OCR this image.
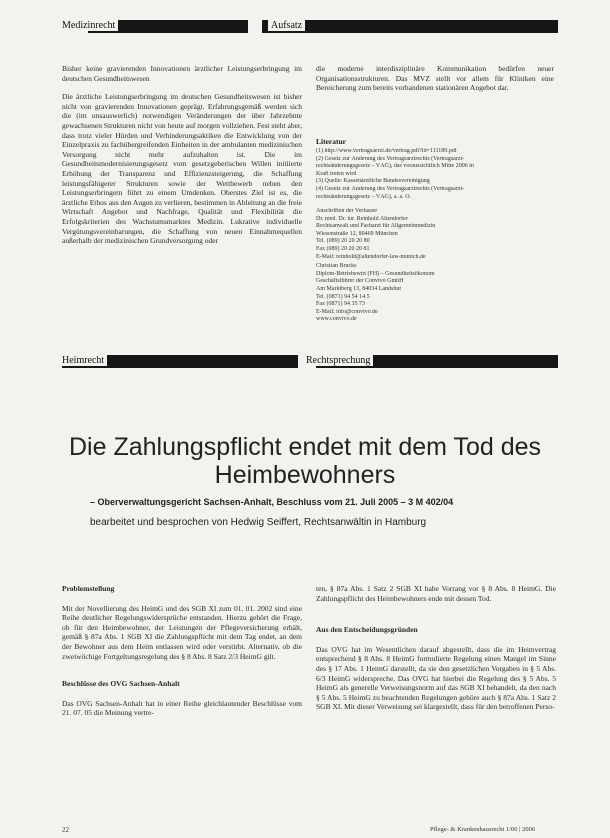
Medizinrecht	Aufsatz

Bisher keine gravierenden Innovationen ärztlicher Leistungserbringung im deutschen Gesundheitswesen

Die ärztliche Leistungserbringung im deutschen Gesundheitswesen ist bisher nicht von gravierenden Innovationen geprägt. Erfahrungsgemäß werden sich die (im unsauswerlich) notwendigen Veränderungen der über Jahrzehnte gewachsenen Strukturen nicht von heute auf morgen vollziehen. Fest steht aber, dass trotz vieler Hürden und Verhinderungsaktiken die Entwicklung von der Einzelpraxis zu fachübergreifenden Einheiten in der ambulanten medizinischen Versorgung nicht mehr aufzuhalten ist. Die im Gesundheitsmodernisierungsgesetz vom gesetzgeberischen Willen initiierte Erhöhung der Transparenz und Effizienzsteigerung, die Schaffung leistungsfähigerer Strukturen sowie der Wettbewerb neben den Leistungserbringern führt zu einem Umdenken. Oberstes Ziel ist es, die ärztliche Ethos aus den Augen zu verlieren, bestimmen in Ableitung an die freie Wirtschaft Angebot und Nachfrage, Qualität und Flexibilität die Erfolgskriterien des Wachstumsmarktes Medizin. Lukrative individuelle Vergütungsvereinbarungen, die Schaffung von neuen Einnahmequellen außerhalb der medizinischen Grundversorgung oder

die moderne interdisziplinäre Kommunikation bedürfen neuer Organisationsstrukturen. Das MVZ stellt vor allem für Kliniken eine Bereicherung zum bereits vorhandenen stationären Angebot dar.

Literatur
(1) http://www.vertragsaerzt.de/vertrag.pdf?id=111189.pdf
(2) Gesetz zur Änderung des Vertragsarztrechts (Vertragsarzt-
rechtsänderungsgesetz – VÄG), das voraussichtlich Mitte 2006 in
Kraft treten wird
(3) Quelle: Kassenärztliche Bundesvereinigung
(4) Gesetz zur Änderung des Vertragsarztrechts (Vertragsarzt-
rechtsänderungsgesetz – VÄG), a. a. O.
Anschriften der Verfasser
Dr. med. Dr. iur. Reinhold Altendorfer
Rechtsanwalt und Facharzt für Allgemeinmedizin
Wiesenstraße 12, 80469 München
Tel. (089) 20 20 20 80
Fax (089) 20 20 20 81
E-Mail: reinhold@altendorfer-law-munich.de
Christian Brucks
Diplom-Betriebswirt (FH) – Gesundheitsökonom
Geschäftsführer der Convivo GmbH
Am Marktberg 13, 84034 Landshut
Tel. (0871) 94 54 14 5
Fax (0871) 94 35 73
E-Mail: info@convivo.de
www.convivo.de
Heimrecht	Rechtsprechung
Die Zahlungspflicht endet mit dem Tod des
Heimbewohners
– Oberverwaltungsgericht Sachsen-Anhalt, Beschluss vom 21. Juli 2005 – 3 M 402/04
bearbeitet und besprochen von Hedwig Seiffert, Rechtsanwältin in Hamburg

Problemstellung

Mit der Novellierung des HeimG und des SGB XI zum 01. 01. 2002 sind eine Reihe deutlicher Regelungswidersprüche entstanden. Hierzu gehört die Frage, ob für den Heimbewohner, der Leistungen der Pflegeversicherung erhält, gemäß § 87a Abs. 1 SGB XI die Zahlungspflicht mit dem Tag endet, an dem der Bewohner aus dem Heim entlassen wird oder verstirbt. Alternativ, ob die zweiwöchige Fortgeltungsregelung des § 8 Abs. 8 Satz 2/3 HeimG gilt.

Beschlüsse des OVG Sachsen-Anhalt

Das OVG Sachsen-Anhalt hat in einer Reihe gleichlautender Beschlüsse vom 21. 07. 05 die Meinung vertre-

ten, § 87a Abs. 1 Satz 2 SGB XI habe Vorrang vor § 8 Abs. 8 HeimG. Die Zahlungspflicht des Heimbewohners ende mit dessen Tod.

Aus den Entscheidungsgründen

Das OVG hat im Wesentlichen darauf abgestellt, dass die im Heimvertrag entsprechend § 8 Abs. 8 HeimG formulierte Regelung einen Mangel im Sinne des § 17 Abs. 1 HeimG darstellt, da sie den gesetzlichen Vorgaben in § 5 Abs. 6/3 HeimG widerspreche. Das OVG hat hierbei die Regelung des § 5 Abs. 5 HeimG als generelle Verweisungsnorm auf das SGB XI behandelt, da den nach § 5 Abs. 5 HeimG zu beachtenden Regelungen gehöre auch § 87a Abs. 1 Satz 2 SGB XI. Mit dieser Verweisung sei klargestellt, dass für den betroffenen Perso-

22	Pflege- & Krankenhausrecht 1/06 | 2006
